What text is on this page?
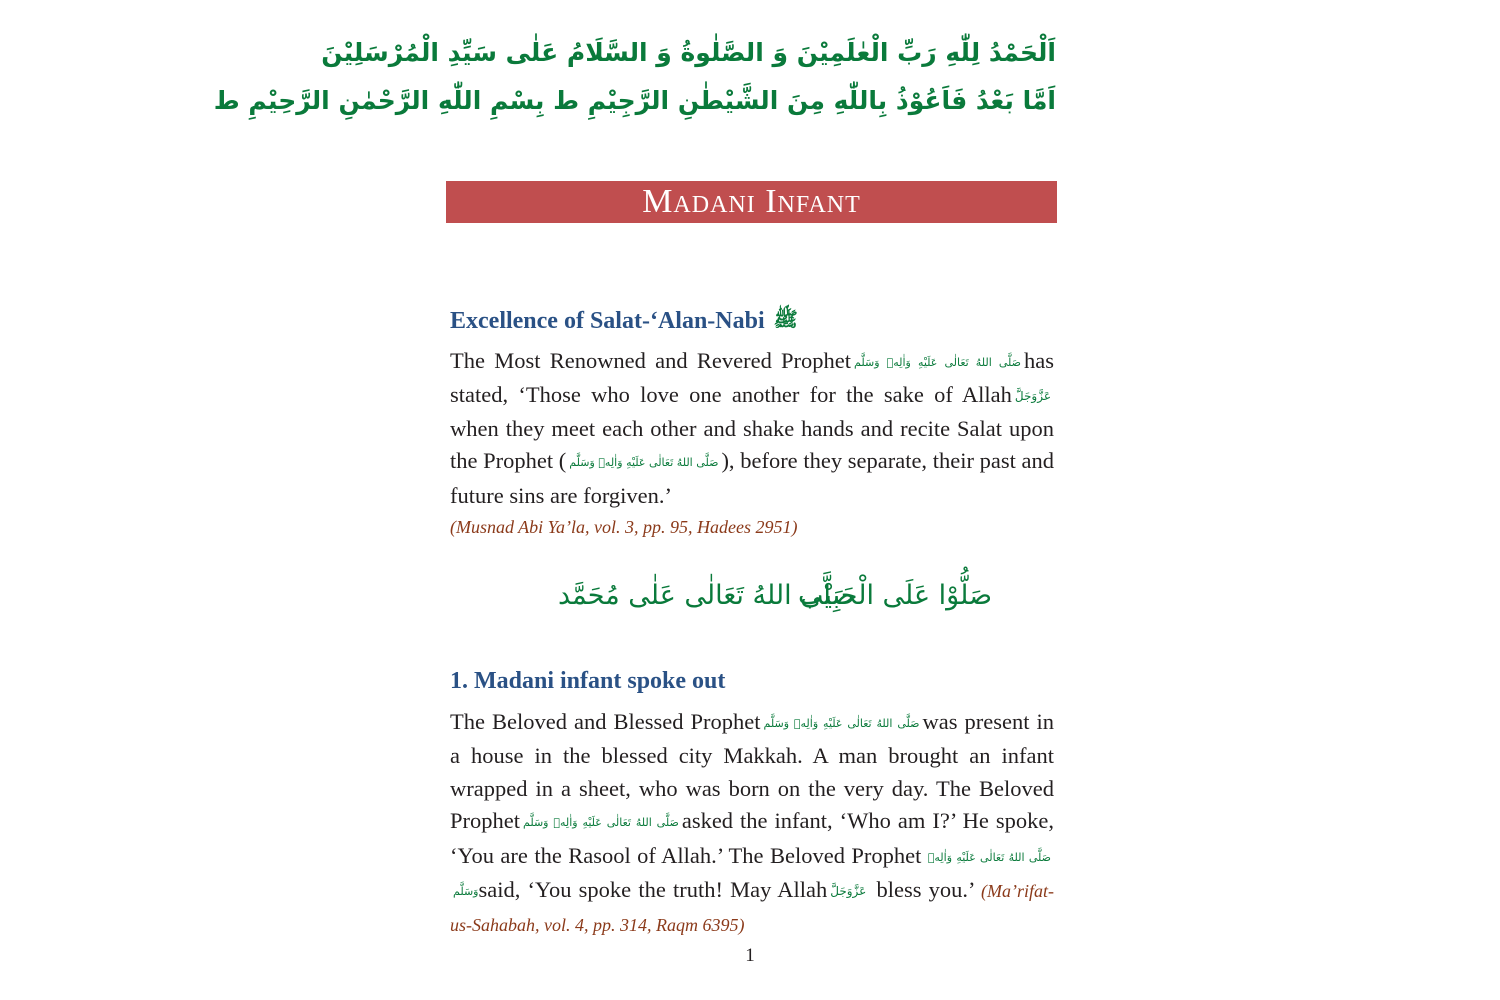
اَلْحَمْدُ لِلّٰهِ رَبِّ الْعٰلَمِيْنَ وَ الصَّلٰوةُ وَ السَّلَامُ عَلٰى سَيِّدِ الْمُرْسَلِيْنَ
اَمَّا بَعْدُ فَاَعُوْذُ بِاللّٰهِ مِنَ الشَّيْطٰنِ الرَّجِيْمِ ط بِسْمِ اللّٰهِ الرَّحْمٰنِ الرَّحِيْمِ ط
Madani Infant
Excellence of Salat-‘Alan-Nabi ﷺ

The Most Renowned and Revered Prophet صَلَّى اللهُ تَعَالٰى عَلَيْهِ وَاٰلِهٖ وَسَلَّم has stated, ‘Those who love one another for the sake of Allah عَزَّوَجَلَّ when they meet each other and shake hands and recite Salat upon the Prophet ( صَلَّى اللهُ تَعَالٰى عَلَيْهِ وَاٰلِهٖ وَسَلَّم ), before they separate, their past and future sins are forgiven.’

(Musnad Abi Ya’la, vol. 3, pp. 95, Hadees 2951)

صَلُّوْا عَلَى الْحَبِيْب
صَلَّى اللهُ تَعَالٰى عَلٰى مُحَمَّد
1. Madani infant spoke out

The Beloved and Blessed Prophet صَلَّى اللهُ تَعَالٰى عَلَيْهِ وَاٰلِهٖ وَسَلَّم was present in a house in the blessed city Makkah. A man brought an infant wrapped in a sheet, who was born on the very day. The Beloved Prophet صَلَّى اللهُ تَعَالٰى عَلَيْهِ وَاٰلِهٖ وَسَلَّم asked the infant, ‘Who am I?’ He spoke, ‘You are the Rasool of Allah.’ The Beloved Prophet صَلَّى اللهُ تَعَالٰى عَلَيْهِ وَاٰلِهٖ وَسَلَّمsaid, ‘You spoke the truth! May Allah عَزَّوَجَلَّ bless you.’ (Ma’rifat-us-Sahabah, vol. 4, pp. 314, Raqm 6395)

1
